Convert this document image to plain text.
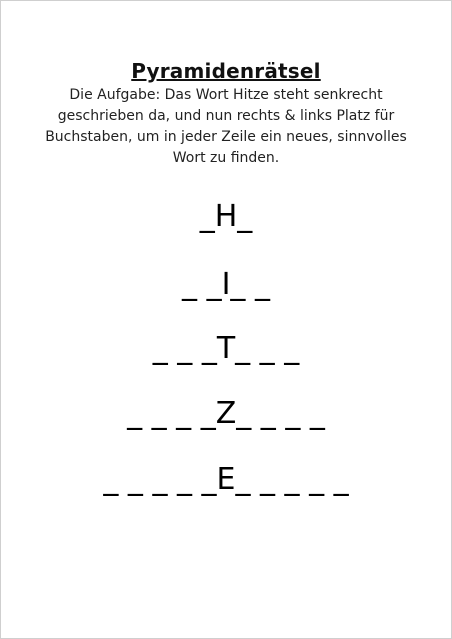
Pyramidenrätsel
Die Aufgabe: Das Wort Hitze steht senkrecht geschrieben da, und nun rechts & links Platz für Buchstaben, um in jeder Zeile ein neues, sinnvolles Wort zu finden.
_H_
_ _I_ _
_ _ _T_ _ _
_ _ _ _Z_ _ _ _
_ _ _ _ _E_ _ _ _ _
